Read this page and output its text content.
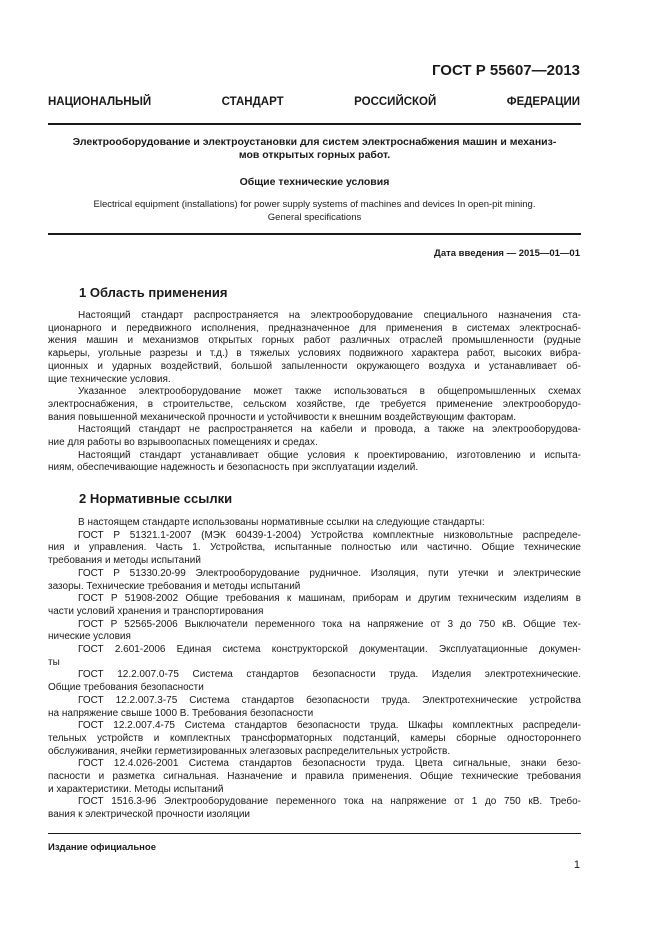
ГОСТ Р 55607—2013
НАЦИОНАЛЬНЫЙ СТАНДАРТ РОССИЙСКОЙ ФЕДЕРАЦИИ
Электрооборудование и электроустановки для систем электроснабжения машин и механиз-
мов открытых горных работ.
Общие технические условия
Electrical equipment (installations) for power supply systems of machines and devices In open-pit mining.
General specifications
Дата введения — 2015—01—01
1 Область применения
Настоящий стандарт распространяется на электрооборудование специального назначения ста-
ционарного и передвижного исполнения, предназначенное для применения в системах электроснаб-
жения машин и механизмов открытых горных работ различных отраслей промышленности (рудные
карьеры, угольные разрезы и т.д.) в тяжелых условиях подвижного характера работ, высоких вибра-
ционных и ударных воздействий, большой запыленности окружающего воздуха и устанавливает об-
щие технические условия.
Указанное электрооборудование может также использоваться в общепромышленных схемах
электроснабжения, в строительстве, сельском хозяйстве, где требуется применение электрооборудо-
вания повышенной механической прочности и устойчивости к внешним воздействующим факторам.
Настоящий стандарт не распространяется на кабели и провода, а также на электрооборудова-
ние для работы во взрывоопасных помещениях и средах.
Настоящий стандарт устанавливает общие условия к проектированию, изготовлению и испыта-
ниям, обеспечивающие надежность и безопасность при эксплуатации изделий.
2 Нормативные ссылки
В настоящем стандарте использованы нормативные ссылки на следующие стандарты:
ГОСТ Р 51321.1-2007 (МЭК 60439-1-2004) Устройства комплектные низковольтные распределе-
ния и управления. Часть 1. Устройства, испытанные полностью или частично. Общие технические
требования и методы испытаний
ГОСТ Р 51330.20-99 Электрооборудование рудничное. Изоляция, пути утечки и электрические
зазоры. Технические требования и методы испытаний
ГОСТ Р 51908-2002 Общие требования к машинам, приборам и другим техническим изделиям в
части условий хранения и транспортирования
ГОСТ Р 52565-2006 Выключатели переменного тока на напряжение от 3 до 750 кВ. Общие тех-
нические условия
ГОСТ 2.601-2006 Единая система конструкторской документации. Эксплуатационные докумен-
ты
ГОСТ 12.2.007.0-75 Система стандартов безопасности труда. Изделия электротехнические.
Общие требования безопасности
ГОСТ 12.2.007.3-75 Система стандартов безопасности труда. Электротехнические устройства
на напряжение свыше 1000 В. Требования безопасности
ГОСТ 12.2.007.4-75 Система стандартов безопасности труда. Шкафы комплектных распредели-
тельных устройств и комплектных трансформаторных подстанций, камеры сборные одностороннего
обслуживания, ячейки герметизированных элегазовых распределительных устройств.
ГОСТ 12.4.026-2001 Система стандартов безопасности труда. Цвета сигнальные, знаки безо-
пасности и разметка сигнальная. Назначение и правила применения. Общие технические требования
и характеристики. Методы испытаний
ГОСТ 1516.3-96 Электрооборудование переменного тока на напряжение от 1 до 750 кВ. Требо-
вания к электрической прочности изоляции
Издание официальное
1
